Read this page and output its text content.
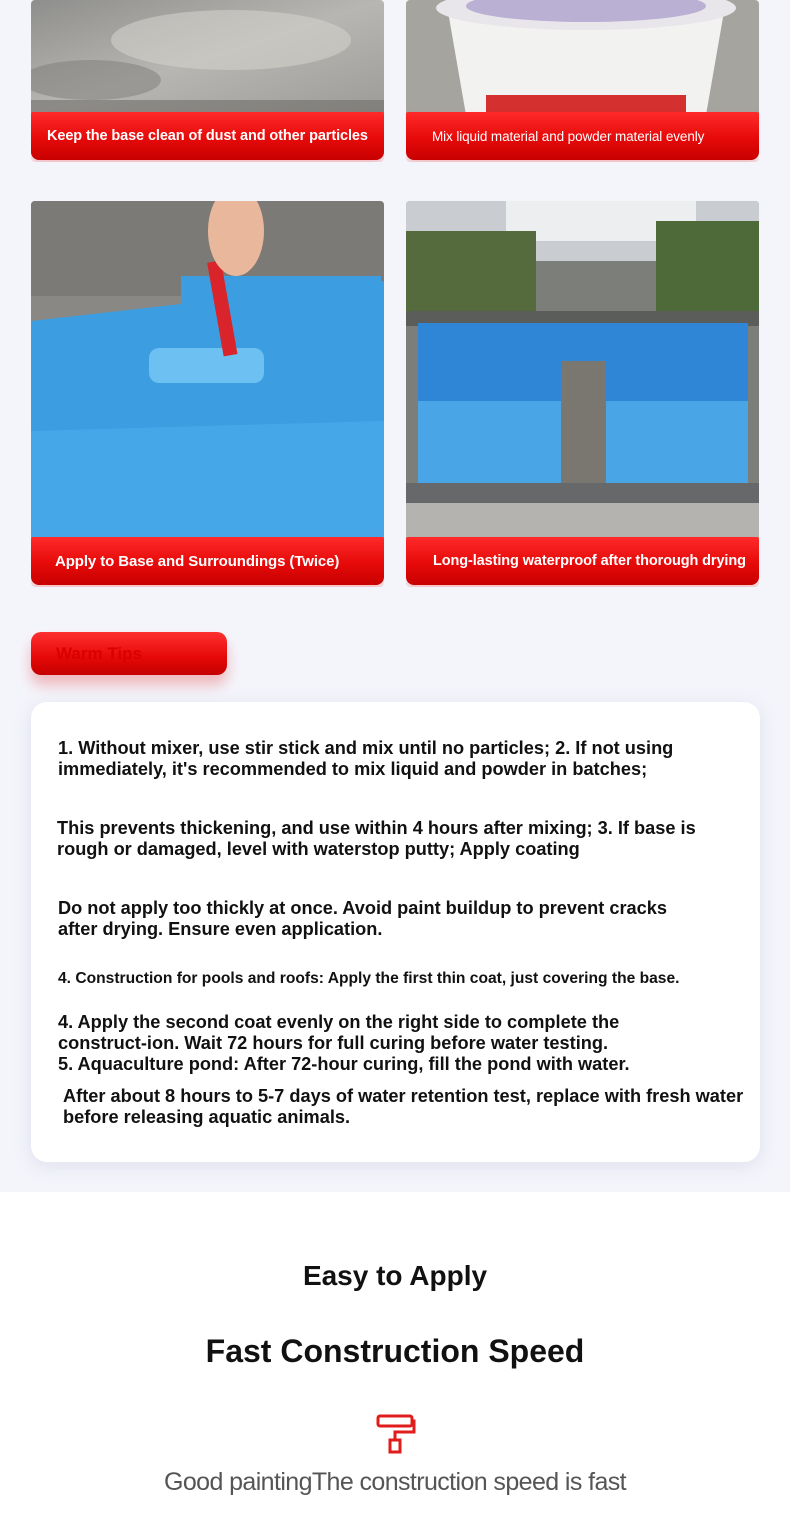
Keep the base clean of dust and other particles	Mix liquid material and powder material evenly
Apply to Base and Surroundings (Twice)	Long-lasting waterproof after thorough drying
Warm Tips
1. Without mixer, use stir stick and mix until no particles; 2. If not using immediately, it's recommended to mix liquid and powder in batches;
This prevents thickening, and use within 4 hours after mixing; 3. If base is rough or damaged, level with waterstop putty; Apply coating
Do not apply too thickly at once. Avoid paint buildup to prevent cracks after drying. Ensure even application.
4. Construction for pools and roofs: Apply the first thin coat, just covering the base.
4. Apply the second coat evenly on the right side to complete the construct-ion. Wait 72 hours for full curing before water testing.
5. Aquaculture pond: After 72-hour curing, fill the pond with water.
After about 8 hours to 5-7 days of water retention test, replace with fresh water before releasing aquatic animals.
Easy to Apply
Fast Construction Speed
Good paintingThe construction speed is fast
